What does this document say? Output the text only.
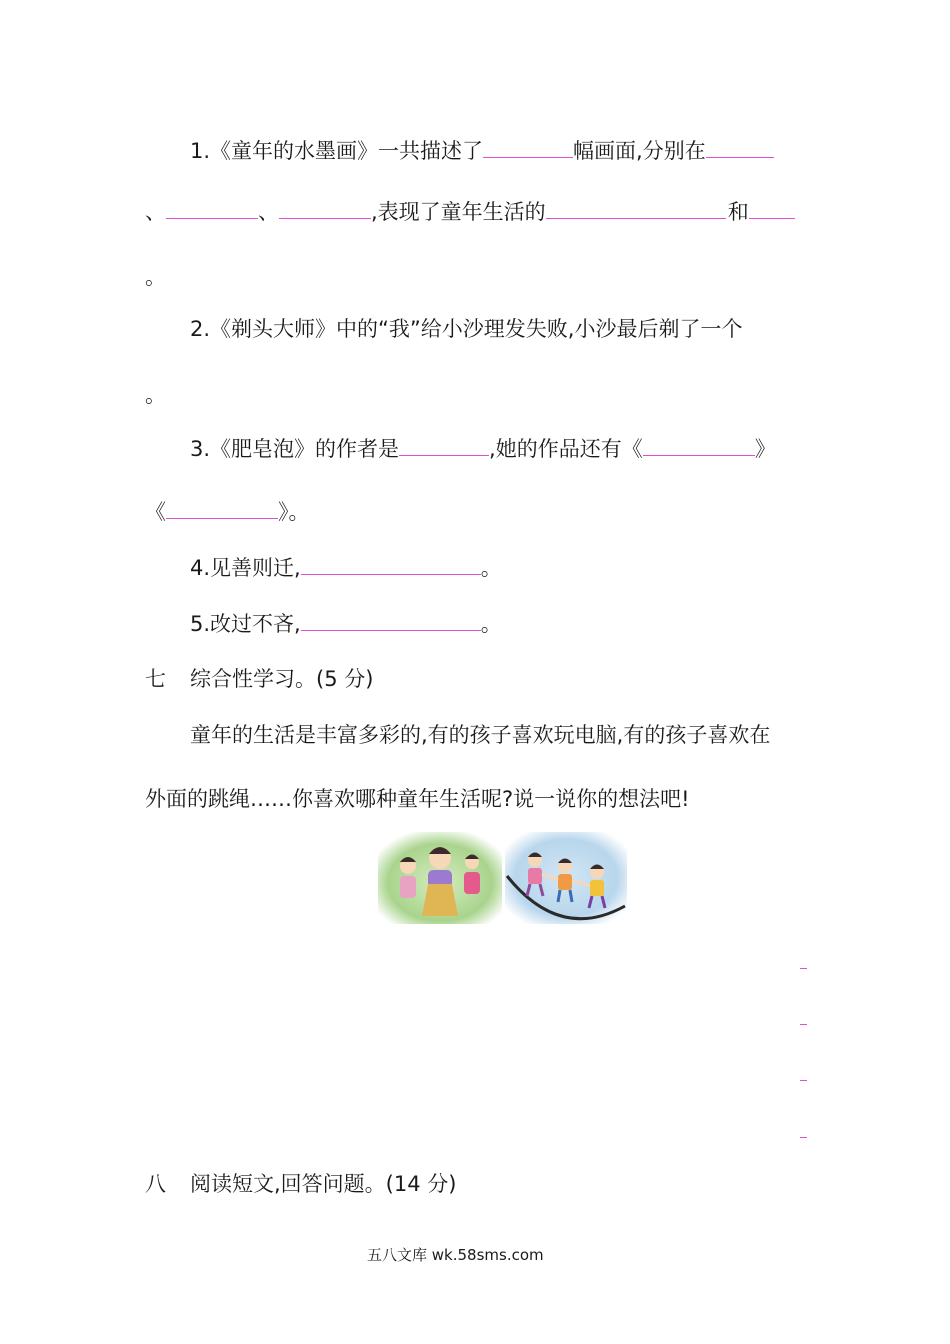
1.《童年的水墨画》一共描述了	幅画面,分别在
、	、	,表现了童年生活的	和
。
2.《剃头大师》中的“我”给小沙理发失败,小沙最后剃了一个
。
3.《肥皂泡》的作者是	,她的作品还有《	》
《	》。
4.见善则迁,	。
5.改过不吝,	。
七 综合性学习。(5 分)
童年的生活是丰富多彩的,有的孩子喜欢玩电脑,有的孩子喜欢在
外面的跳绳……你喜欢哪种童年生活呢?说一说你的想法吧!
八 阅读短文,回答问题。(14 分)
五八文库 wk.58sms.com
